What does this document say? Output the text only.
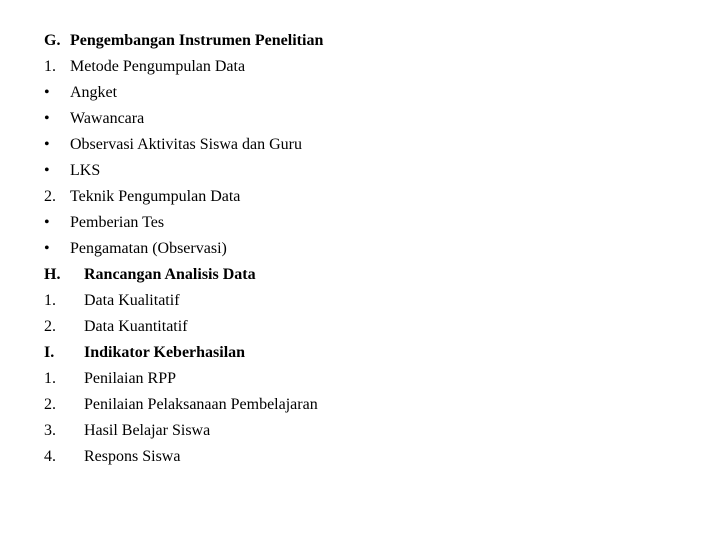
G. Pengembangan Instrumen Penelitian
1. Metode Pengumpulan Data
• Angket
• Wawancara
• Observasi Aktivitas Siswa dan Guru
• LKS
2. Teknik Pengumpulan Data
• Pemberian Tes
• Pengamatan (Observasi)
H. Rancangan Analisis Data
1. Data Kualitatif
2. Data Kuantitatif
I. Indikator Keberhasilan
1. Penilaian RPP
2. Penilaian Pelaksanaan Pembelajaran
3. Hasil Belajar Siswa
4. Respons Siswa
